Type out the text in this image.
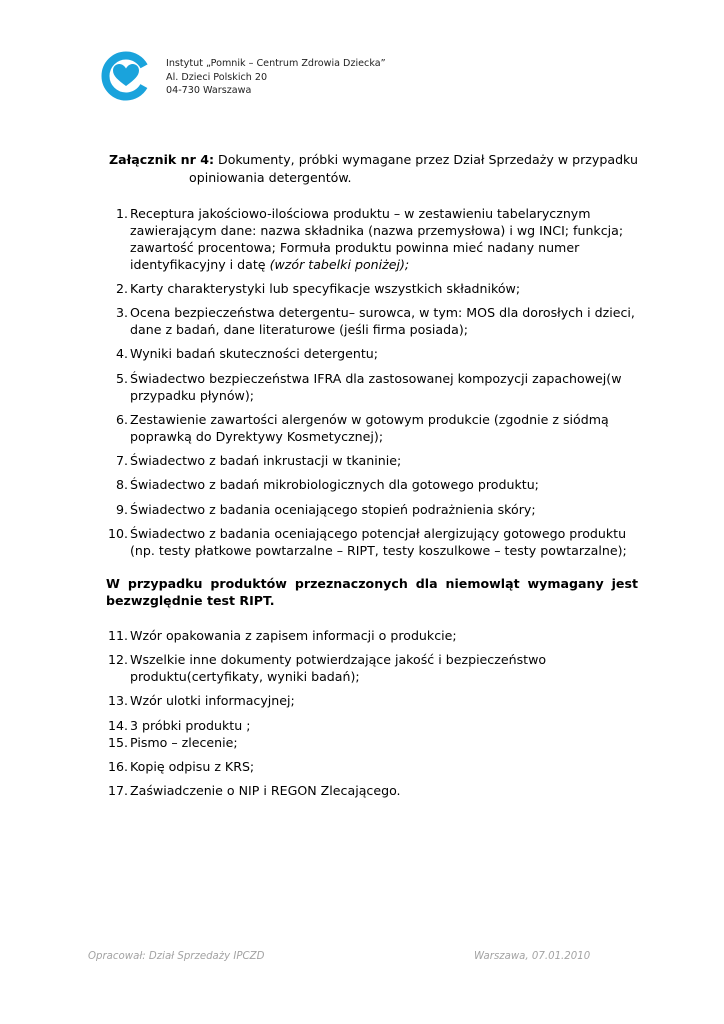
Instytut „Pomnik – Centrum Zdrowia Dziecka”
Al. Dzieci Polskich 20
04-730 Warszawa
Załącznik nr 4: Dokumenty, próbki wymagane przez Dział Sprzedaży w przypadku
opiniowania detergentów.
1. Receptura jakościowo-ilościowa produktu – w zestawieniu tabelarycznym zawierającym dane: nazwa składnika (nazwa przemysłowa) i wg INCI; funkcja; zawartość procentowa; Formuła produktu powinna mieć nadany numer identyfikacyjny i datę (wzór tabelki poniżej);
2. Karty charakterystyki lub specyfikacje wszystkich składników;
3. Ocena bezpieczeństwa detergentu– surowca, w tym: MOS dla dorosłych i dzieci, dane z badań, dane literaturowe (jeśli firma posiada);
4. Wyniki badań skuteczności detergentu;
5. Świadectwo bezpieczeństwa IFRA dla zastosowanej kompozycji zapachowej(w przypadku płynów);
6. Zestawienie zawartości alergenów w gotowym produkcie (zgodnie z siódmą poprawką do Dyrektywy Kosmetycznej);
7. Świadectwo z badań inkrustacji w tkaninie;
8. Świadectwo z badań mikrobiologicznych dla gotowego produktu;
9. Świadectwo z badania oceniającego stopień podrażnienia skóry;
10. Świadectwo z badania oceniającego potencjał alergizujący gotowego produktu (np. testy płatkowe powtarzalne – RIPT, testy koszulkowe – testy powtarzalne);
W przypadku produktów przeznaczonych dla niemowląt wymagany jest bezwzględnie test RIPT.
11. Wzór opakowania z zapisem informacji o produkcie;
12. Wszelkie inne dokumenty potwierdzające jakość i bezpieczeństwo produktu(certyfikaty, wyniki badań);
13. Wzór ulotki informacyjnej;
14. 3 próbki produktu ;
15. Pismo – zlecenie;
16. Kopię odpisu z KRS;
17. Zaświadczenie o NIP i REGON Zlecającego.
Opracował: Dział Sprzedaży IPCZD	Warszawa, 07.01.2010
